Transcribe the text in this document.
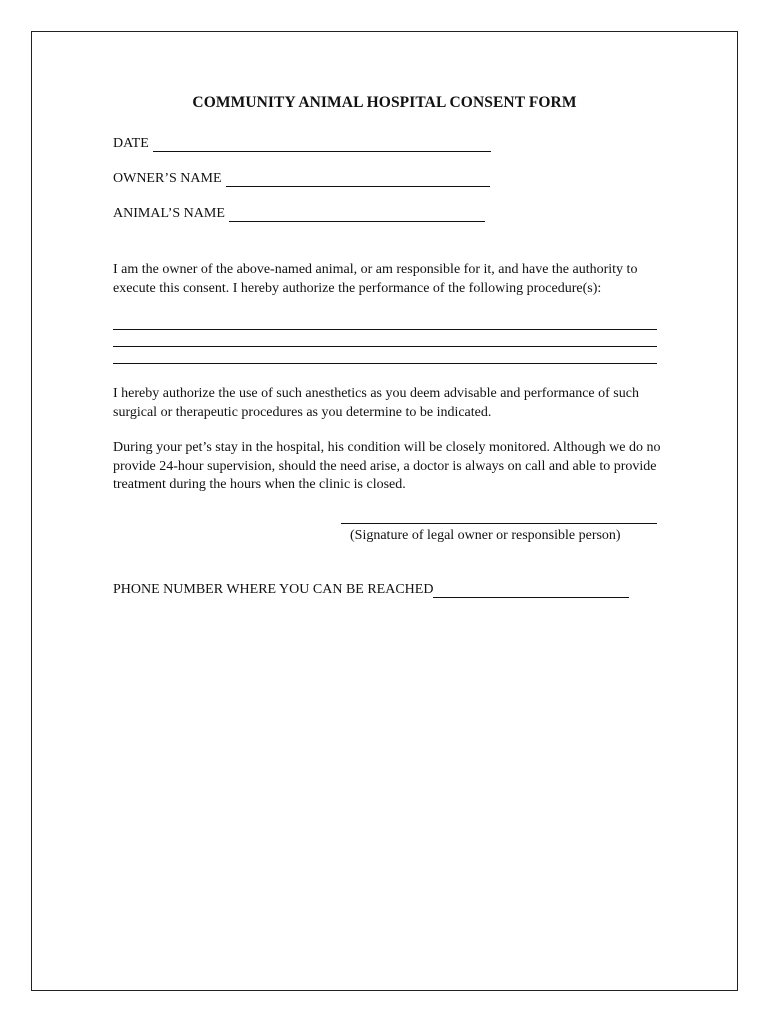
COMMUNITY ANIMAL HOSPITAL CONSENT FORM
DATE
OWNER’S NAME
ANIMAL’S NAME
I am the owner of the above-named animal, or am responsible for it, and have the authority to execute this consent. I hereby authorize the performance of the following procedure(s):
I hereby authorize the use of such anesthetics as you deem advisable and performance of such surgical or therapeutic procedures as you determine to be indicated.
During your pet’s stay in the hospital, his condition will be closely monitored. Although we do no provide 24-hour supervision, should the need arise, a doctor is always on call and able to provide treatment during the hours when the clinic is closed.
(Signature of legal owner or responsible person)
PHONE NUMBER WHERE YOU CAN BE REACHED
